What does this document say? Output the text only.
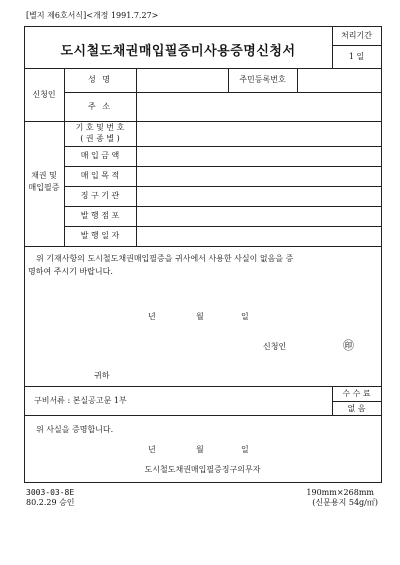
[별지 제6호서식]<개정 1991.7.27>
도시철도채권매입필증미사용증명신청서
처리기간
1 일
신청인
성 명	주민등록번호
주 소
채권 및
매입필증
기 호 및 번 호
( 권 종 별 )
매 입 금 액
매 입 목 적
징 구 기 관
발 행 점 포
발 행 일 자
위 기재사항의 도시철도채권매입필증을 귀사에서 사용한 사실이 없음을 증
명하여 주시기 바랍니다.
년	월	일
신청인	㊞
귀하
구비서류 : 본실공고문 1부
수 수 료
없 음
위 사실을 증명합니다.
년	월	일
도시철도채권매입필증징구의무자
3003-03-8E
80.2.29 승인
190mm×268mm
(신문용지 54g/㎡)
